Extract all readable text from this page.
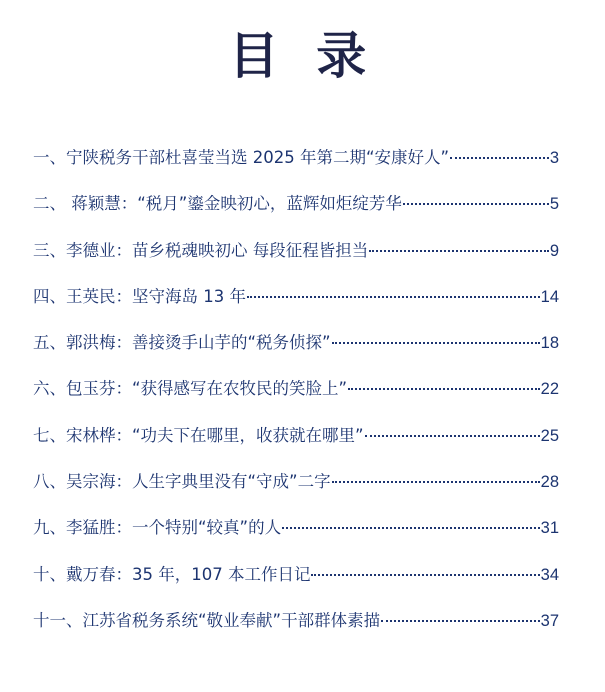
目 录
一、宁陕税务干部杜喜莹当选 2025 年第二期“安康好人”	3
二、 蒋颖慧：“税月”鎏金映初心，蓝辉如炬绽芳华	5
三、李德业：苗乡税魂映初心 每段征程皆担当	9
四、王英民：坚守海岛 13 年	14
五、郭洪梅：善接烫手山芋的“税务侦探”	18
六、包玉芬：“获得感写在农牧民的笑脸上”	22
七、宋林桦：“功夫下在哪里，收获就在哪里”	25
八、吴宗海：人生字典里没有“守成”二字	28
九、李猛胜：一个特别“较真”的人	31
十、戴万春：35 年，107 本工作日记	34
十一、江苏省税务系统“敬业奉献”干部群体素描	37
